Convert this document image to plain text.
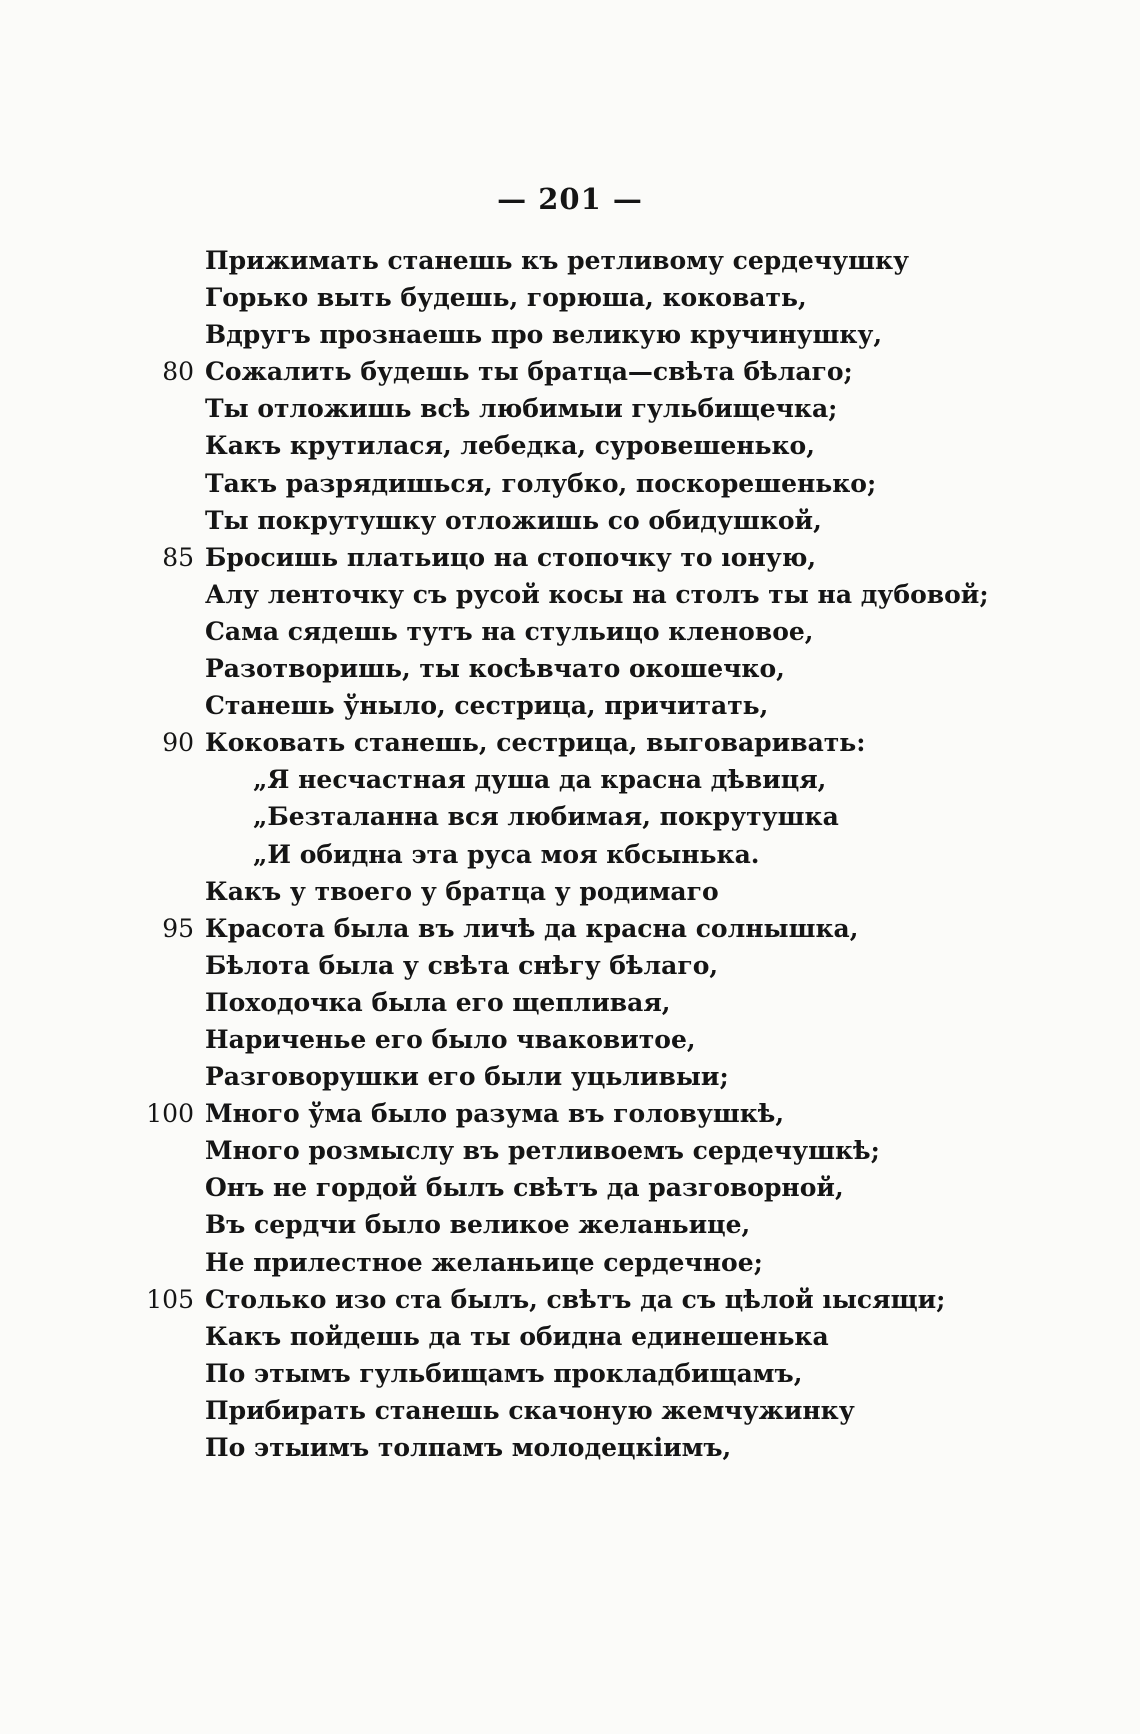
— 201 —
Прижимать станешь къ ретливому сердечушку
Горько выть будешь, горюша, коковать,
Вдругъ прознаешь про великую кручинушку,
80 Сожалить будешь ты братца—свѣта бѣлаго;
Ты отложишь всѣ любимыи гульбищечка;
Какъ крутилася, лебедка, суровешенько,
Такъ разрядишься, голубко, поскорешенько;
Ты покрутушку отложишь со обидушкой,
85 Бросишь платьицо на стопочку то ıоную,
Алу ленточку съ русой косы на столъ ты на дубовой;
Сама сядешь тутъ на стульицо кленовое,
Разотворишь, ты косѣвчато окошечко,
Станешь ўныло, сестрица, причитать,
90 Коковать станешь, сестрица, выговаривать:
„Я несчастная душа да красна дѣвиця,
„Безталанна вся любимая, покрутушка
„И обидна эта руса моя кбсынька.
Какъ у твоего у братца у родимаго
95 Красота была въ личѣ да красна солнышка,
Бѣлота была у свѣта снѣгу бѣлаго,
Походочка была его щепливая,
Нариченье его было чваковитое,
Разговорушки его были уцьливыи;
100 Много ўма было разума въ головушкѣ,
Много розмыслу въ ретливоемъ сердечушкѣ;
Онъ не гордой былъ свѣтъ да разговорной,
Въ сердчи было великое желаньице,
Не прилестное желаньице сердечное;
105 Столько изо ста былъ, свѣтъ да съ цѣлой ıысящи;
Какъ пойдешь да ты обидна единешенька
По этымъ гульбищамъ прокладбищамъ,
Прибирать станешь скачоную жемчужинку
По этыимъ толпамъ молодецкіимъ,
